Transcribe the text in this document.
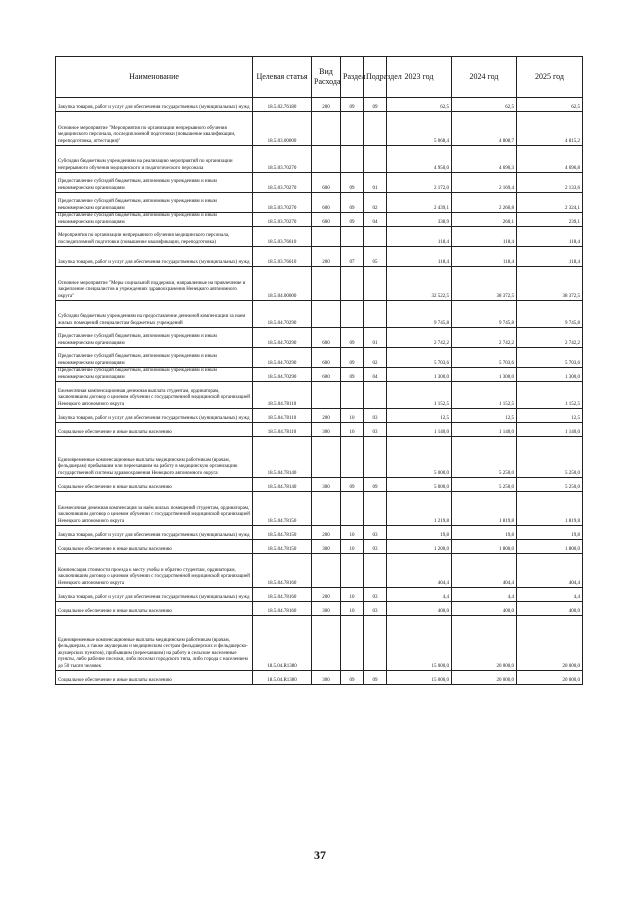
Наименование	Целевая статья	Вид Расхода	Раздел	Подраздел	2023 год	2024 год	2025 год
Закупка товаров, работ и услуг для обеспечения государственных (муниципальных) нужд	18.5.02.76180	200	09	09	62,5	62,5	62,5
Основное мероприятие "Мероприятия по организации непрерывного обучения медицинского персонала, последипломной подготовки (повышение квалификации, переподготовка, аттестация)"	18.5.03.00000				5 068,4	4 808,7	4 815,2
Субсидии бюджетным учреждениям на реализацию мероприятий по организации непрерывного обучения медицинского и педагогического персонала	18.5.03.70270				4 950,0	4 690,3	4 696,8
Предоставление субсидий бюджетным, автономным учреждениям и иным некоммерческим организациям	18.5.03.70270	600	09	01	2 172,0	2 169,4	2 133,6
Предоставление субсидий бюджетным, автономным учреждениям и иным некоммерческим организациям	18.5.03.70270	600	09	02	2 439,1	2 260,8	2 324,1
Предоставление субсидий бюджетным, автономным учреждениям и иным некоммерческим организациям	18.5.03.70270	600	09	04	338,9	260,1	239,1
Мероприятия по организации непрерывного обучения медицинского персонала, последипломной подготовки (повышение квалификации, переподготовка)	18.5.03.76610				118,4	118,4	118,4
Закупка товаров, работ и услуг для обеспечения государственных (муниципальных) нужд	18.5.03.76610	200	07	05	118,4	118,4	118,4
Основное мероприятие "Меры социальной поддержки, направленные на привлечение и закрепление специалистов в учреждениях здравоохранения Ненецкого автономного округа"	18.5.04.00000				32 522,5	38 372,5	38 372,5
Субсидии бюджетным учреждениям на предоставление денежной компенсации за наем жилых помещений специалистам бюджетных учреждений	18.5.04.70290				9 745,8	9 745,8	9 745,8
Предоставление субсидий бюджетным, автономным учреждениям и иным некоммерческим организациям	18.5.04.70290	600	09	01	2 742,2	2 742,2	2 742,2
Предоставление субсидий бюджетным, автономным учреждениям и иным некоммерческим организациям	18.5.04.70290	600	09	02	5 703,6	5 703,6	5 703,6
Предоставление субсидий бюджетным, автономным учреждениям и иным некоммерческим организациям	18.5.04.70290	600	09	04	1 300,0	1 300,0	1 300,0
Ежемесячная компенсационная денежная выплата студентам, ординаторам, заключившим договор о целевом обучении с государственной медицинской организацией Ненецкого автономного округа	18.5.04.78110				1 152,5	1 152,5	1 152,5
Закупка товаров, работ и услуг для обеспечения государственных (муниципальных) нужд	18.5.04.78110	200	10	03	12,5	12,5	12,5
Социальное обеспечение и иные выплаты населению	18.5.04.78110	300	10	03	1 140,0	1 140,0	1 140,0
Единовременные компенсационные выплаты медицинским работникам (врачам, фельдшерам) прибывшим или переехавшим на работу в медицинскую организацию государственной системы здравоохранения Ненецкого автономного округа	18.5.04.78140				5 000,0	5 250,0	5 250,0
Социальное обеспечение и иные выплаты населению	18.5.04.78140	300	09	09	5 000,0	5 250,0	5 250,0
Ежемесячная денежная компенсация за наём жилых помещений студентам, ординаторам, заключившим договор о целевом обучении с государственной медицинской организацией Ненецкого автономного округа	18.5.04.78150				1 219,8	1 819,8	1 819,8
Закупка товаров, работ и услуг для обеспечения государственных (муниципальных) нужд	18.5.04.78150	200	10	03	19,8	19,8	19,8
Социальное обеспечение и иные выплаты населению	18.5.04.78150	300	10	03	1 200,0	1 800,0	1 800,0
Компенсация стоимости проезда к месту учебы и обратно студентам, ординаторам, заключившим договор о целевом обучении с государственной медицинской организацией Ненецкого автономного округа	18.5.04.78160				404,4	404,4	404,4
Закупка товаров, работ и услуг для обеспечения государственных (муниципальных) нужд	18.5.04.78160	200	10	03	4,4	4,4	4,4
Социальное обеспечение и иные выплаты населению	18.5.04.78160	300	10	03	400,0	400,0	400,0
Единовременные компенсационные выплаты медицинским работникам (врачам, фельдшерам, а также акушеркам и медицинским сестрам фельдшерских и фельдшерско-акушерских пунктов), прибывшим (переехавшим) на работу в сельские населенные пункты, либо рабочие поселки, либо поселки городского типа, либо города с населением до 50 тысяч человек	18.5.04.R1380				15 000,0	20 000,0	20 000,0
Социальное обеспечение и иные выплаты населению	18.5.04.R1380	300	09	09	15 000,0	20 000,0	20 000,0
37
